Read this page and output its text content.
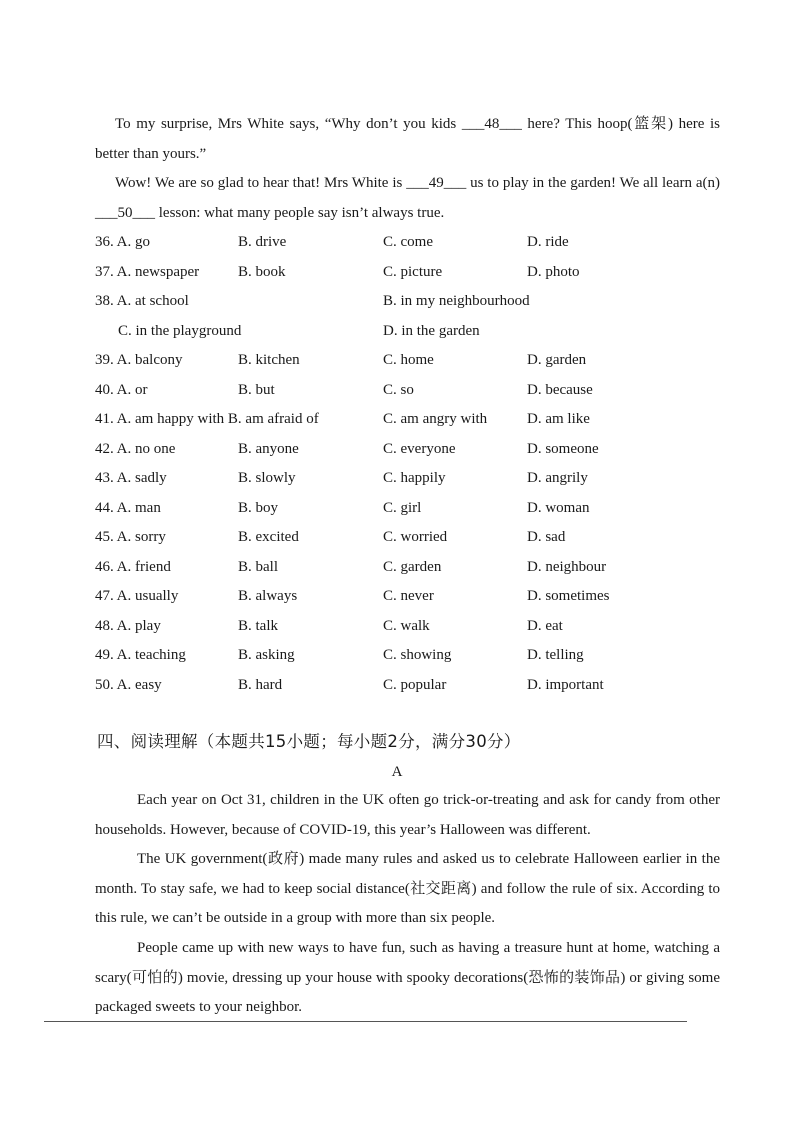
To my surprise, Mrs White says, “Why don’t you kids ___48___ here? This hoop(篮架) here is better than yours.”
Wow! We are so glad to hear that! Mrs White is ___49___ us to play in the garden! We all learn a(n) ___50___ lesson: what many people say isn’t always true.
36. A. go	B. drive	C. come	D. ride
37. A. newspaper	B. book	C. picture	D. photo
38. A. at school	B. in my neighbourhood
C. in the playground	D. in the garden
39. A. balcony	B. kitchen	C. home	D. garden
40. A. or	B. but	C. so	D. because
41. A. am happy with B. am afraid of	C. am angry with	D. am like
42. A. no one	B. anyone	C. everyone	D. someone
43. A. sadly	B. slowly	C. happily	D. angrily
44. A. man	B. boy	C. girl	D. woman
45. A. sorry	B. excited	C. worried	D. sad
46. A. friend	B. ball	C. garden	D. neighbour
47. A. usually	B. always	C. never	D. sometimes
48. A. play	B. talk	C. walk	D. eat
49. A. teaching	B. asking	C. showing	D. telling
50. A. easy	B. hard	C. popular	D. important
四、阅读理解（本题共15小题；每小题2分，满分30分）
A
Each year on Oct 31, children in the UK often go trick-or-treating and ask for candy from other households. However, because of COVID-19, this year’s Halloween was different.
The UK government(政府) made many rules and asked us to celebrate Halloween earlier in the month. To stay safe, we had to keep social distance(社交距离) and follow the rule of six. According to this rule, we can’t be outside in a group with more than six people.
People came up with new ways to have fun, such as having a treasure hunt at home, watching a scary(可怕的) movie, dressing up your house with spooky decorations(恐怖的装饰品) or giving some packaged sweets to your neighbor.
